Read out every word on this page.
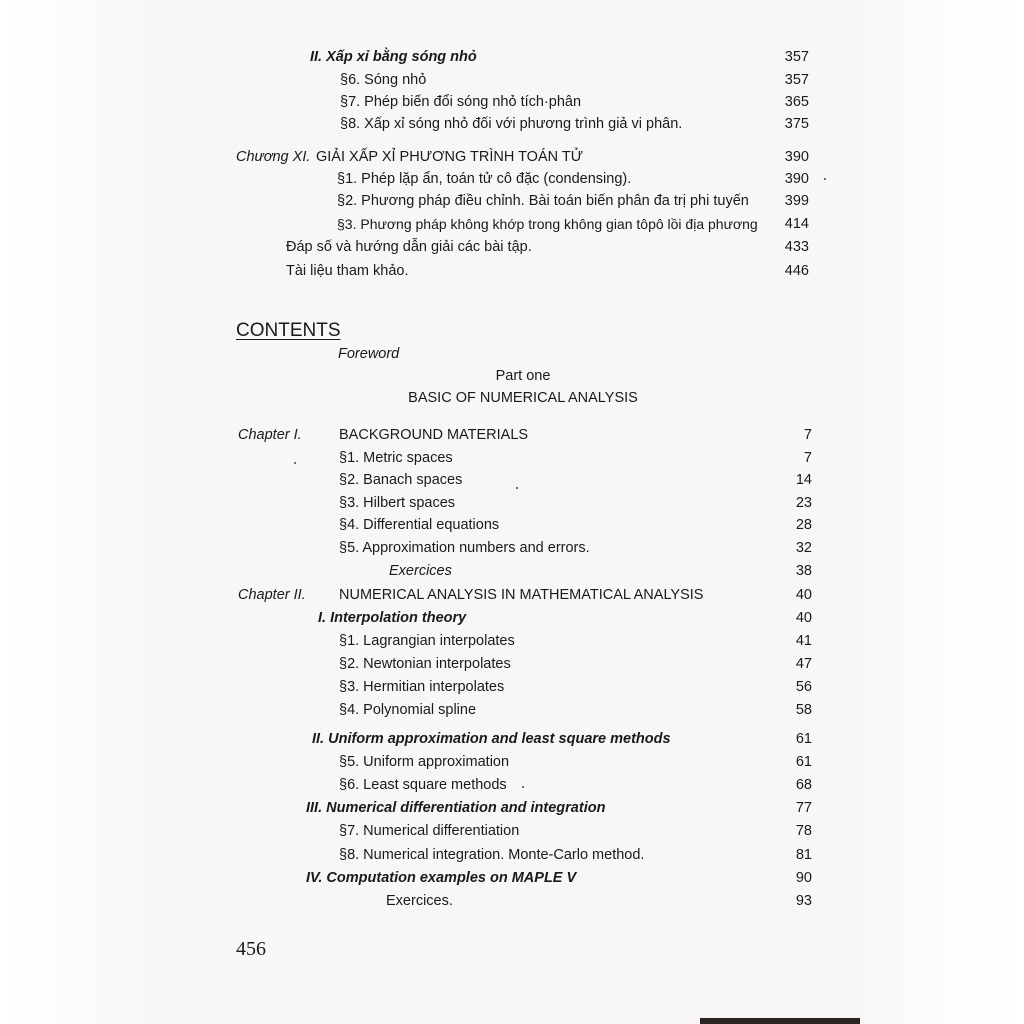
II. Xấp xỉ bằng sóng nhỏ	357
§6. Sóng nhỏ	357
§7. Phép biến đổi sóng nhỏ tích·phân	365
§8. Xấp xỉ sóng nhỏ đối với phương trình giả vi phân.	375
Chương XI. GIẢI XẤP XỈ PHƯƠNG TRÌNH TOÁN TỬ	390
§1. Phép lặp ẩn, toán tử cô đặc (condensing).	390
§2. Phương pháp điều chỉnh. Bài toán biến phân đa trị phi tuyến 399
§3. Phương pháp không khớp trong không gian tôpô lồi địa phương 414
Đáp số và hướng dẫn giải các bài tập.	433
Tài liệu tham khảo.	446
CONTENTS
Foreword
Part one
BASIC OF NUMERICAL ANALYSIS
Chapter I.	BACKGROUND MATERIALS	7
§1. Metric spaces	7
§2. Banach spaces	14
§3. Hilbert spaces	23
§4. Differential equations	28
§5. Approximation numbers and errors.	32
Exercices	38
Chapter II. NUMERICAL ANALYSIS IN MATHEMATICAL ANALYSIS	40
I. Interpolation theory	40
§1. Lagrangian interpolates	41
§2. Newtonian interpolates	47
§3. Hermitian interpolates	56
§4. Polynomial spline	58
II. Uniform approximation and least square methods	61
§5. Uniform approximation	61
§6. Least square methods	68
III. Numerical differentiation and integration	77
§7. Numerical differentiation	78
§8. Numerical integration. Monte-Carlo method.	81
IV. Computation examples on MAPLE V	90
Exercices.	93
456
